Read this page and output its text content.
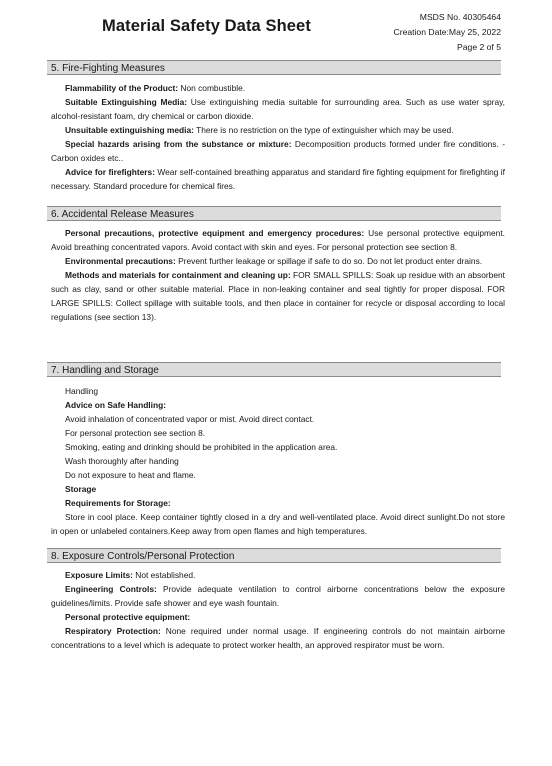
Material Safety Data Sheet	MSDS No. 40305464
Creation Date:May 25, 2022
Page 2 of 5
5. Fire-Fighting Measures

Flammability of the Product: Non combustible.

Suitable Extinguishing Media: Use extinguishing media suitable for surrounding area. Such as use water spray, alcohol-resistant foam, dry chemical or carbon dioxide.

Unsuitable extinguishing media: There is no restriction on the type of extinguisher which may be used.

Special hazards arising from the substance or mixture: Decomposition products formed under fire conditions. - Carbon oxides etc..

Advice for firefighters: Wear self-contained breathing apparatus and standard fire fighting equipment for firefighting if necessary. Standard procedure for chemical fires.

6. Accidental Release Measures

Personal precautions, protective equipment and emergency procedures: Use personal protective equipment. Avoid breathing concentrated vapors. Avoid contact with skin and eyes. For personal protection see section 8.

Environmental precautions: Prevent further leakage or spillage if safe to do so. Do not let product enter drains.

Methods and materials for containment and cleaning up: FOR SMALL SPILLS: Soak up residue with an absorbent such as clay, sand or other suitable material. Place in non-leaking container and seal tightly for proper disposal. FOR LARGE SPILLS: Collect spillage with suitable tools, and then place in container for recycle or disposal according to local regulations (see section 13).

7. Handling and Storage

Handling

Advice on Safe Handling:

Avoid inhalation of concentrated vapor or mist. Avoid direct contact.

For personal protection see section 8.

Smoking, eating and drinking should be prohibited in the application area.

Wash thoroughly after handing

Do not exposure to heat and flame.

Storage

Requirements for Storage:

Store in cool place. Keep container tightly closed in a dry and well-ventilated place. Avoid direct sunlight.Do not store in open or unlabeled containers.Keep away from open flames and high temperatures.

8. Exposure Controls/Personal Protection

Exposure Limits: Not established.

Engineering Controls: Provide adequate ventilation to control airborne concentrations below the exposure guidelines/limits. Provide safe shower and eye wash fountain.

Personal protective equipment:

Respiratory Protection: None required under normal usage. If engineering controls do not maintain airborne concentrations to a level which is adequate to protect worker health, an approved respirator must be worn.
